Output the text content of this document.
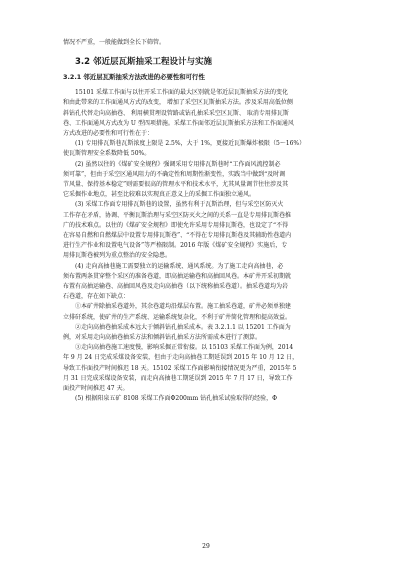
情况不严重，一般能做到全长下筛管。
3.2 邻近层瓦斯抽采工程设计与实施
3.2.1 邻近层瓦斯抽采方法改进的必要性和可行性
15101 采煤工作面与以往开采工作面的最大区别就是邻近层瓦斯抽采方法的变化
和由此带来的工作面通风方式的改变， 增加了采空区瓦斯抽采方法。涉及采用高低位侧
斜钻孔代替走向高抽巷、 利用横贯埋设管路或钻孔抽采采空区瓦斯、 取消专用排瓦斯
巷、工作面通风方式改为 U 型四项措施。采煤工作面邻近层瓦斯抽采方法和工作面通风
方式改进的必要性和可行性在于：
(1) 专用排瓦斯巷瓦斯浓度上限是 2.5%，大于 1%，更接近瓦斯爆炸极限（5～16%）
使瓦斯管理安全系数降低 50%。
(2) 虽然以往的《煤矿安全规程》强调采用专用排瓦斯巷时“工作面风流控制必
须可靠”，但由于采空区通风阻力的不确定性和周期性渐变性，实践当中做到“及时调
节风量、保持基本稳定”则需要很高的管理水平和技术水平，尤其风量调节往往涉及其
它采掘作业地点，甚至比较难以实现真正意义上的采掘工作面独立通风。
(3) 采煤工作面专用排瓦斯巷的设置，虽然有利于瓦斯治理，但与采空区防灭火
工作存在矛盾，协调、平衡瓦斯治理与采空区防灭火之间的关系一直是专用排瓦斯巷推
广的技术难点。以往的《煤矿安全规程》即使允许采用专用排瓦斯巷，也设定了“不得
在容易自燃和自燃煤层中设置专用排瓦斯巷”、“不得在专用排瓦斯巷及其辅助性巷道内
进行生产作业和设置电气设备”等严格限制。2016 年版《煤矿安全规程》实施后，专
用排瓦斯巷被列为重点整治的安全隐患。
(4) 走向高抽巷施工需要独立的运输系统、通风系统。为了施工走向高抽巷，必
须布置两条贯穿整个采区的准备巷道，即高抽运输巷和高抽回风巷。本矿井开采初期就
布置有高抽运输巷、高抽回风巷及走向高抽巷（以下统称抽采巷道）。抽采巷道均为岩
石巷道，存在如下缺点：
①本矿井除抽采巷道外，其余巷道均沿煤层布置。施工抽采巷道，矿井必须单独建
立排矸系统，使矿井的生产系统、运输系统复杂化，不利于矿井简化管理和提高效益。
②走向高抽巷抽采成本远大于倾斜钻孔抽采成本。表 3.2.1.1 以 15201 工作面为
例，对采用走向高抽巷抽采方法和倾斜钻孔抽采方法所需成本进行了测算。
③走向高抽巷施工速度慢，影响采掘正常衔接。以 15103 采煤工作面为例，2014
年 9 月 24 日完成采煤设备安装，但由于走向高抽巷工期延误到 2015 年 10 月 12 日，
导致工作面投产时间推迟 18 天。15102 采煤工作面影响衔接情况更为严重，2015年 5
月 31 日完成采煤设备安装，而走向高抽巷工期延误到 2015 年 7 月 17 日，导致工作
面投产时间推迟 47 天。
(5) 根据阳泉五矿 8108 采煤工作面Φ200mm 钻孔抽采试验取得的经验，Φ
29
